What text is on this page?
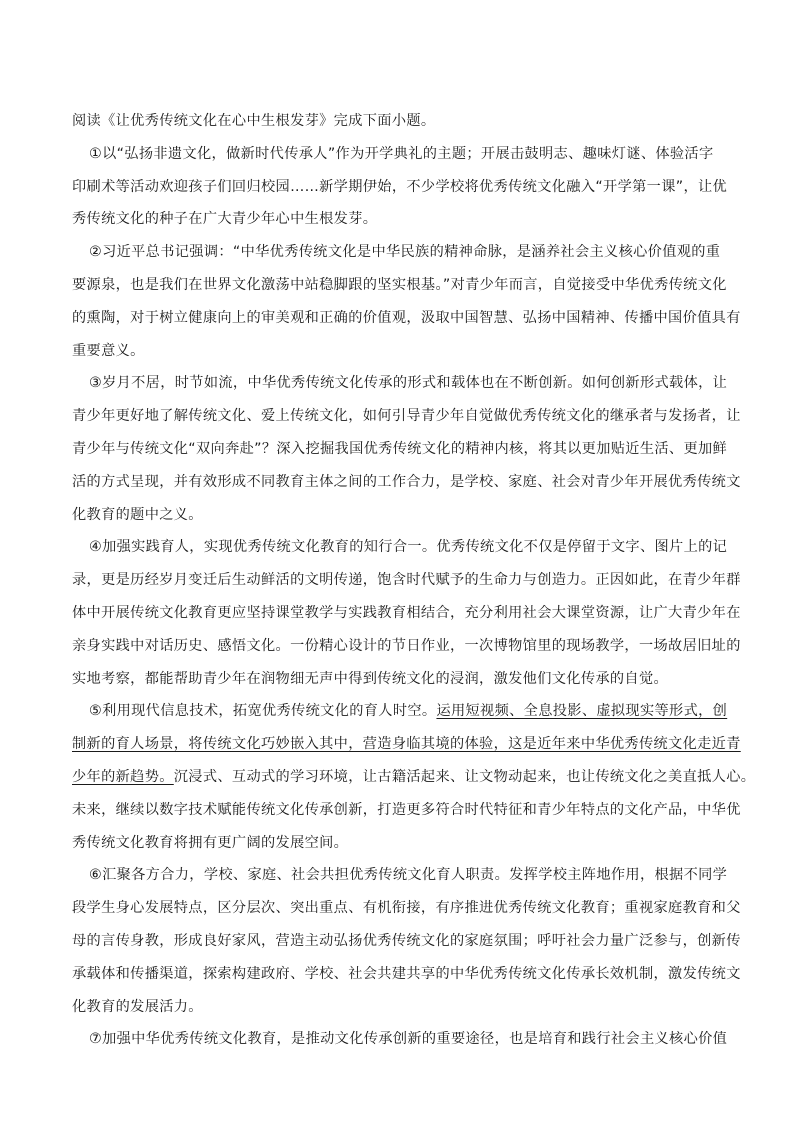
阅读《让优秀传统文化在心中生根发芽》完成下面小题。
①以“弘扬非遗文化，做新时代传承人”作为开学典礼的主题；开展击鼓明志、趣味灯谜、体验活字
印刷术等活动欢迎孩子们回归校园……新学期伊始，不少学校将优秀传统文化融入“开学第一课”，让优
秀传统文化的种子在广大青少年心中生根发芽。
②习近平总书记强调：“中华优秀传统文化是中华民族的精神命脉，是涵养社会主义核心价值观的重
要源泉，也是我们在世界文化激荡中站稳脚跟的坚实根基。”对青少年而言，自觉接受中华优秀传统文化
的熏陶，对于树立健康向上的审美观和正确的价值观，汲取中国智慧、弘扬中国精神、传播中国价值具有
重要意义。
③岁月不居，时节如流，中华优秀传统文化传承的形式和载体也在不断创新。如何创新形式载体，让
青少年更好地了解传统文化、爱上传统文化，如何引导青少年自觉做优秀传统文化的继承者与发扬者，让
青少年与传统文化“双向奔赴”？深入挖掘我国优秀传统文化的精神内核，将其以更加贴近生活、更加鲜
活的方式呈现，并有效形成不同教育主体之间的工作合力，是学校、家庭、社会对青少年开展优秀传统文
化教育的题中之义。
④加强实践育人，实现优秀传统文化教育的知行合一。优秀传统文化不仅是停留于文字、图片上的记
录，更是历经岁月变迁后生动鲜活的文明传递，饱含时代赋予的生命力与创造力。正因如此，在青少年群
体中开展传统文化教育更应坚持课堂教学与实践教育相结合，充分利用社会大课堂资源，让广大青少年在
亲身实践中对话历史、感悟文化。一份精心设计的节日作业，一次博物馆里的现场教学，一场故居旧址的
实地考察，都能帮助青少年在润物细无声中得到传统文化的浸润，激发他们文化传承的自觉。
⑤利用现代信息技术，拓宽优秀传统文化的育人时空。运用短视频、全息投影、虚拟现实等形式，创
制新的育人场景，将传统文化巧妙嵌入其中，营造身临其境的体验，这是近年来中华优秀传统文化走近青
少年的新趋势。沉浸式、互动式的学习环境，让古籍活起来、让文物动起来，也让传统文化之美直抵人心。
未来，继续以数字技术赋能传统文化传承创新，打造更多符合时代特征和青少年特点的文化产品，中华优
秀传统文化教育将拥有更广阔的发展空间。
⑥汇聚各方合力，学校、家庭、社会共担优秀传统文化育人职责。发挥学校主阵地作用，根据不同学
段学生身心发展特点，区分层次、突出重点、有机衔接，有序推进优秀传统文化教育；重视家庭教育和父
母的言传身教，形成良好家风，营造主动弘扬优秀传统文化的家庭氛围；呼吁社会力量广泛参与，创新传
承载体和传播渠道，探索构建政府、学校、社会共建共享的中华优秀传统文化传承长效机制，激发传统文
化教育的发展活力。
⑦加强中华优秀传统文化教育，是推动文化传承创新的重要途径，也是培育和践行社会主义核心价值
